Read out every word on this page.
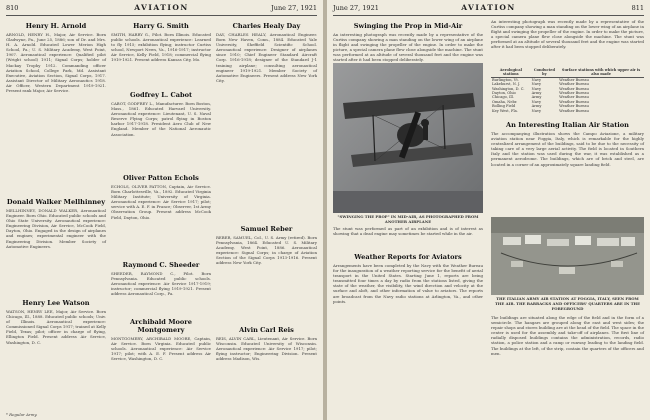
810	AVIATION	June 27, 1921
Henry H. Arnold
ARNOLD, HENRY H., Major, Air Service. Born Gladwyne, Pa., June 25, 1886; son of Dr. and Mrs. H. A. Arnold. Educated Lower Merion High School, Pa.; U. S. Military Academy, West Point, 1907. Aeronautical experience: Qualified pilot (Wright school) 1911; Signal Corps; holder of Mackay Trophy 1912. Commanding officer Aviation School, College Park, Md. Assistant Executive, Aviation Section, Signal Corps, 1917. Assistant Director of Military Aeronautics 1918. Air Officer, Western Department 1919-1921. Present rank Major, Air Service.
Donald Walker Mellhinney
MELLHINNEY, DONALD WALKER, Aeronautical Engineer. Born Ohio. Educated public schools and Ohio State University. Aeronautical experience: Engineering Division, Air Service, McCook Field, Dayton, Ohio. Engaged in the design of airplanes and engines; experimental engineer with the Engineering Division. Member Society of Automotive Engineers.
Henry Lee Watson
WATSON, HENRY LEE, Major, Air Service. Born Chicago, Ill., 1888. Educated public schools; Univ. of Illinois. Aeronautical experience: Commissioned Signal Corps 1917; trained at Kelly Field, Texas; pilot; officer in charge of flying, Ellington Field. Present address Air Service, Washington, D. C.
Harry G. Smith
SMITH, HARRY G., Pilot. Born Illinois. Educated public schools. Aeronautical experience: Learned to fly 1915; exhibition flying; instructor Curtiss school, Newport News, Va., 1916-1917; instructor Air Service, Kelly Field, 1918; commercial flying 1919-1921. Present address Kansas City, Mo.
Godfrey L. Cabot
CABOT, GODFREY L., Manufacturer. Born Boston, Mass., 1861. Educated Harvard University. Aeronautical experience: Lieutenant, U. S. Naval Reserve Flying Corps; patrol flying in Boston harbor 1917-1918. President Aero Club of New England. Member of the National Aeronautic Association.
Oliver Patton Echols
ECHOLS, OLIVER PATTON, Captain, Air Service. Born Charlottesville, Va., 1892. Educated Virginia Military Institute; University of Virginia. Aeronautical experience: Air Service 1917; pilot; service with A. E. F. in France; Observer, 1st Army Observation Group. Present address McCook Field, Dayton, Ohio.
Raymond C. Sheeder
SHEEDER, RAYMOND C., Pilot. Born Pennsylvania. Educated public schools. Aeronautical experience: Air Service 1917-1919; instructor; commercial flying 1919-1921. Present address Aeronautical Corp., Pa.
Archibald Moore Montgomery
MONTGOMERY, ARCHIBALD MOORE, Captain, Air Service. Born Virginia. Educated public schools. Aeronautical experience: Air Service 1917; pilot; with A. E. F. Present address Air Service, Washington, D. C.
Charles Healy Day
DAY, CHARLES HEALY, Aeronautical Engineer. Born New Haven, Conn., 1884. Educated Yale University, Sheffield Scientific School. Aeronautical experience: Designer of airplanes since 1910; Chief Engineer Standard Aircraft Corp. 1916-1918; designer of the Standard J-1 training airplane; consulting aeronautical engineer 1919-1921. Member Society of Automotive Engineers. Present address New York City.
Samuel Reber
REBER, SAMUEL, Col., U. S. Army (retired). Born Pennsylvania, 1864. Educated U. S. Military Academy, West Point, 1886. Aeronautical experience: Signal Corps; in charge of Aviation Section of the Signal Corps 1913-1916. Present address New York City.
Alvin Carl Reis
REIS, ALVIN CARL, Lieutenant, Air Service. Born Wisconsin. Educated University of Wisconsin. Aeronautical experience: Air Service 1917; pilot; flying instructor; Engineering Division. Present address Madison, Wis.
* Regular Army.
June 27, 1921	AVIATION	811
Swinging the Prop in Mid-Air
An interesting photograph was recently made by a representative of the Curtiss company showing a man standing on the lower wing of an airplane in flight and swinging the propeller of the engine. In order to make the picture, a special camera plane flew close alongside the machine. The stunt was performed at an altitude of several thousand feet and the engine was started after it had been stopped deliberately.
"SWINGING THE PROP" IN MID-AIR, AS PHOTOGRAPHED FROM ANOTHER AIRPLANE
The stunt was performed as part of an exhibition and is of interest as showing that a dead engine may sometimes be started while in the air.
Weather Reports for Aviators
Arrangements have been completed by the Navy with the Weather Bureau for the inauguration of a weather reporting service for the benefit of aerial transport in the United States. Starting June 1, reports are being transmitted four times a day by radio from the stations listed, giving the state of the weather, the visibility, the wind direction and velocity at the surface and aloft, and other information of value to aviators. The reports are broadcast from the Navy radio stations at Arlington, Va., and other points.
An interesting photograph was recently made by a representative of the Curtiss company showing a man standing on the lower wing of an airplane in flight and swinging the propeller of the engine. In order to make the picture, a special camera plane flew close alongside the machine. The stunt was performed at an altitude of several thousand feet and the engine was started after it had been stopped deliberately.
Aerological stations	Conducted by	Surface stations with which upper air is also made
Burlington, Vt.	Navy	Weather Bureau
Lakehurst, N. J.	Navy	Weather Bureau
Washington, D. C.	Navy	Weather Bureau
Dayton, Ohio	Army	Weather Bureau
Chicago, Ill.	Army	Weather Bureau
Omaha, Nebr.	Navy	Weather Bureau
Bolling Field	Army	Weather Bureau
Key West, Fla.	Navy	Weather Bureau
An Interesting Italian Air Station
The accompanying illustration shows the Campo Aviazione, a military aviation station near Foggia, Italy, which is remarkable for the highly centralized arrangement of the buildings, said to be due to the necessity of taking care of a very large aerial activity. The field is located in Southern Italy and the station was used during the war, it was established as a permanent aerodrome. The buildings, which are of brick and steel, are located in a corner of an approximately square landing field.
THE ITALIAN ARMY AIR STATION AT FOGGIA, ITALY, SEEN FROM THE AIR. THE BARRACKS AND OFFICERS' QUARTERS ARE IN THE FOREGROUND
The buildings are situated along the edge of the field and in the form of a semicircle. The hangars are grouped along the east and west sides; the repair shops and stores building are at the head of the field. The space in the center is used for the assembly and take-off of airplanes. The first line of radially disposed buildings contains the administration, records, radio station, a police station and a ramp or runway leading to the landing field. The buildings at the left, of the strip, contain the quarters of the officers and men.
